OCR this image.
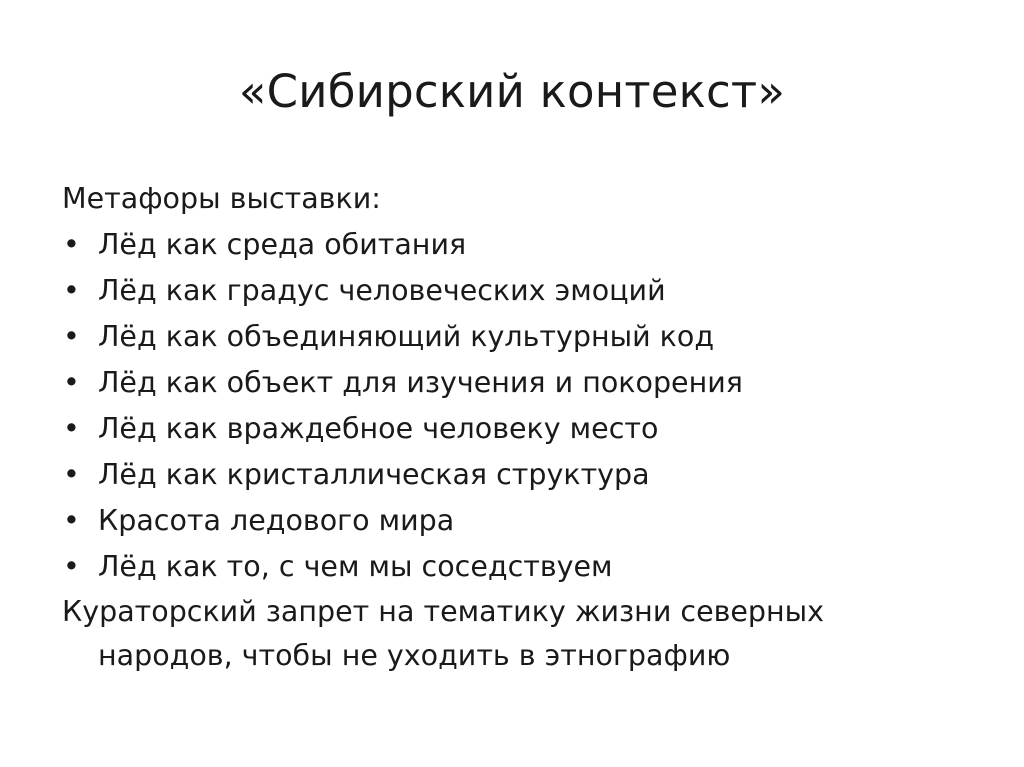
«Сибирский контекст»

Метафоры выставки:

• Лёд как среда обитания
• Лёд как градус человеческих эмоций
• Лёд как объединяющий культурный код
• Лёд как объект для изучения и покорения
• Лёд как враждебное человеку место
• Лёд как кристаллическая структура
• Красота ледового мира
• Лёд как то, с чем мы соседствуем

Кураторский запрет на тематику жизни северных народов, чтобы не уходить в этнографию
